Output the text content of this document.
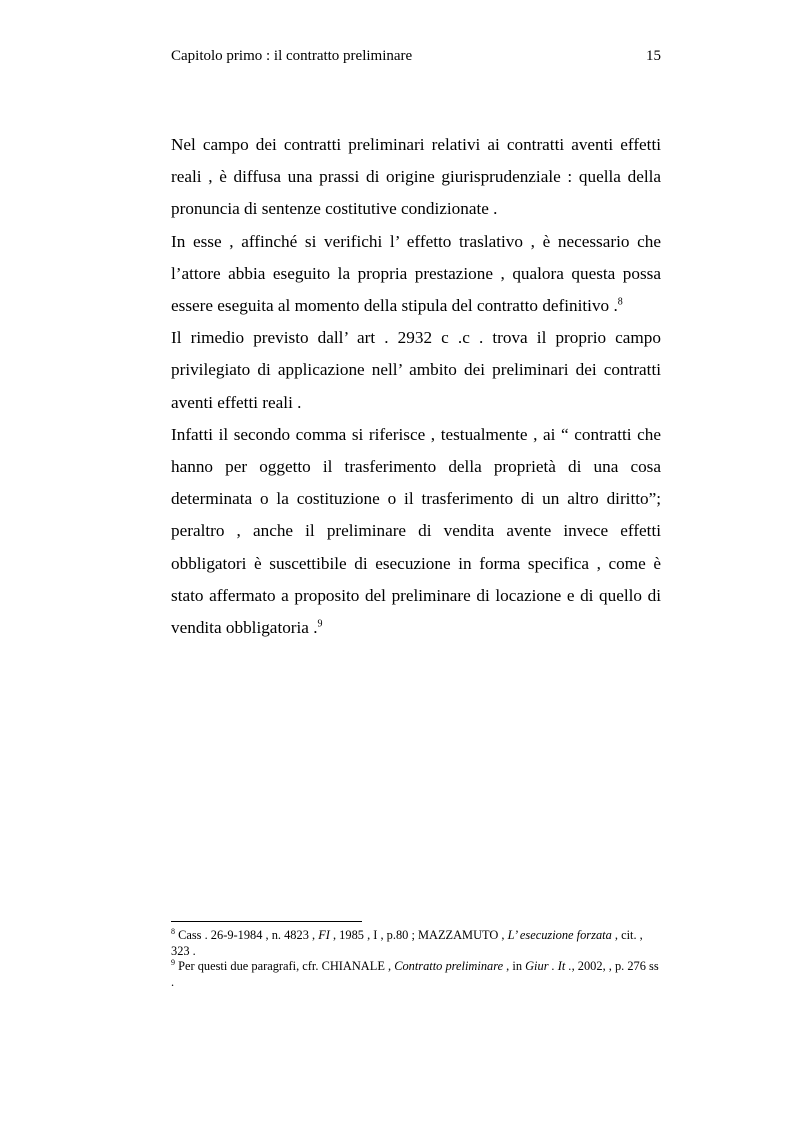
Capitolo primo : il contratto preliminare	15

Nel campo dei contratti preliminari relativi ai contratti aventi effetti reali , è diffusa una prassi di origine giurisprudenziale : quella della pronuncia di sentenze costitutive condizionate .

In esse , affinché si verifichi l’ effetto traslativo , è necessario che l’attore abbia eseguito la propria prestazione , qualora questa possa essere eseguita al momento della stipula del contratto definitivo .$^8$

Il rimedio previsto dall’ art . 2932 c .c . trova il proprio campo privilegiato di applicazione nell’ ambito dei preliminari dei contratti aventi effetti reali .

Infatti il secondo comma si riferisce , testualmente , ai “ contratti che hanno per oggetto il trasferimento della proprietà di una cosa determinata o la costituzione o il trasferimento di un altro diritto”; peraltro , anche il preliminare di vendita avente invece effetti obbligatori è suscettibile di esecuzione in forma specifica , come è stato affermato a proposito del preliminare di locazione e di quello di vendita obbligatoria .$^9$

$^8$ Cass . 26-9-1984 , n. 4823 , FI , 1985 , I , p.80 ; MAZZAMUTO , L’ esecuzione forzata , cit. , 323 .

$^9$ Per questi due paragrafi, cfr. CHIANALE , Contratto preliminare , in Giur . It ., 2002, , p. 276 ss .
